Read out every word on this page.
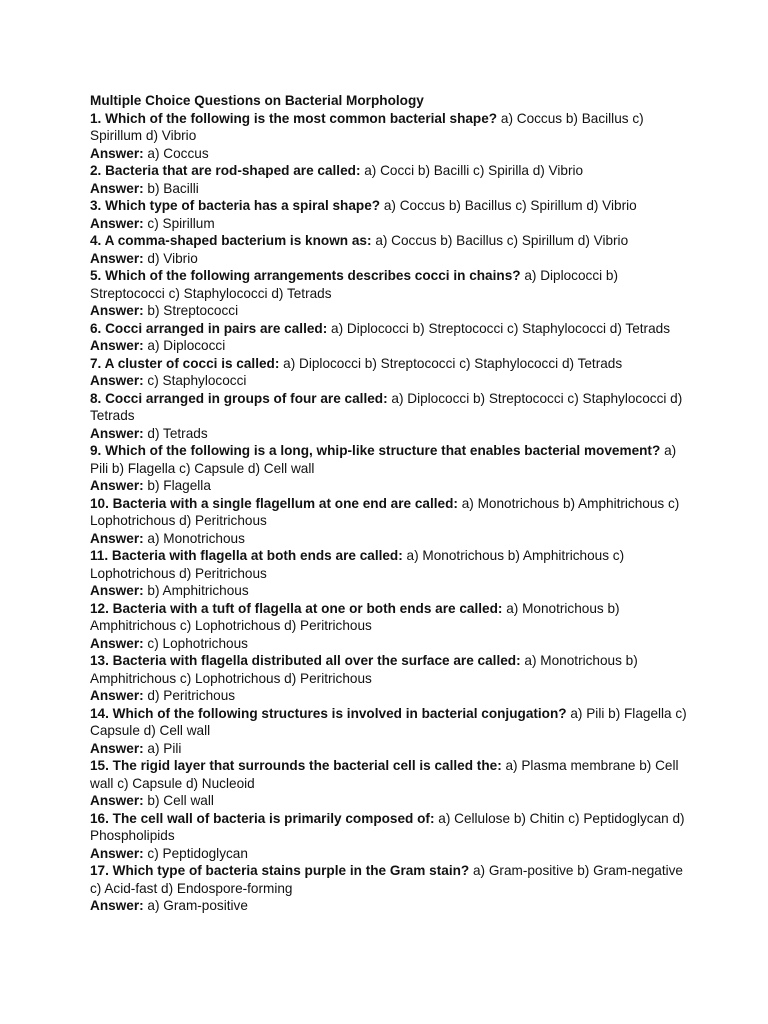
Multiple Choice Questions on Bacterial Morphology

1. Which of the following is the most common bacterial shape? a) Coccus b) Bacillus c) Spirillum d) Vibrio

Answer: a) Coccus

2. Bacteria that are rod-shaped are called: a) Cocci b) Bacilli c) Spirilla d) Vibrio

Answer: b) Bacilli

3. Which type of bacteria has a spiral shape? a) Coccus b) Bacillus c) Spirillum d) Vibrio

Answer: c) Spirillum

4. A comma-shaped bacterium is known as: a) Coccus b) Bacillus c) Spirillum d) Vibrio

Answer: d) Vibrio

5. Which of the following arrangements describes cocci in chains? a) Diplococci b) Streptococci c) Staphylococci d) Tetrads

Answer: b) Streptococci

6. Cocci arranged in pairs are called: a) Diplococci b) Streptococci c) Staphylococci d) Tetrads

Answer: a) Diplococci

7. A cluster of cocci is called: a) Diplococci b) Streptococci c) Staphylococci d) Tetrads

Answer: c) Staphylococci

8. Cocci arranged in groups of four are called: a) Diplococci b) Streptococci c) Staphylococci d) Tetrads

Answer: d) Tetrads

9. Which of the following is a long, whip-like structure that enables bacterial movement? a) Pili b) Flagella c) Capsule d) Cell wall

Answer: b) Flagella

10. Bacteria with a single flagellum at one end are called: a) Monotrichous b) Amphitrichous c) Lophotrichous d) Peritrichous

Answer: a) Monotrichous

11. Bacteria with flagella at both ends are called: a) Monotrichous b) Amphitrichous c) Lophotrichous d) Peritrichous

Answer: b) Amphitrichous

12. Bacteria with a tuft of flagella at one or both ends are called: a) Monotrichous b) Amphitrichous c) Lophotrichous d) Peritrichous

Answer: c) Lophotrichous

13. Bacteria with flagella distributed all over the surface are called: a) Monotrichous b) Amphitrichous c) Lophotrichous d) Peritrichous

Answer: d) Peritrichous

14. Which of the following structures is involved in bacterial conjugation? a) Pili b) Flagella c) Capsule d) Cell wall

Answer: a) Pili

15. The rigid layer that surrounds the bacterial cell is called the: a) Plasma membrane b) Cell wall c) Capsule d) Nucleoid

Answer: b) Cell wall

16. The cell wall of bacteria is primarily composed of: a) Cellulose b) Chitin c) Peptidoglycan d) Phospholipids

Answer: c) Peptidoglycan

17. Which type of bacteria stains purple in the Gram stain? a) Gram-positive b) Gram-negative c) Acid-fast d) Endospore-forming

Answer: a) Gram-positive
